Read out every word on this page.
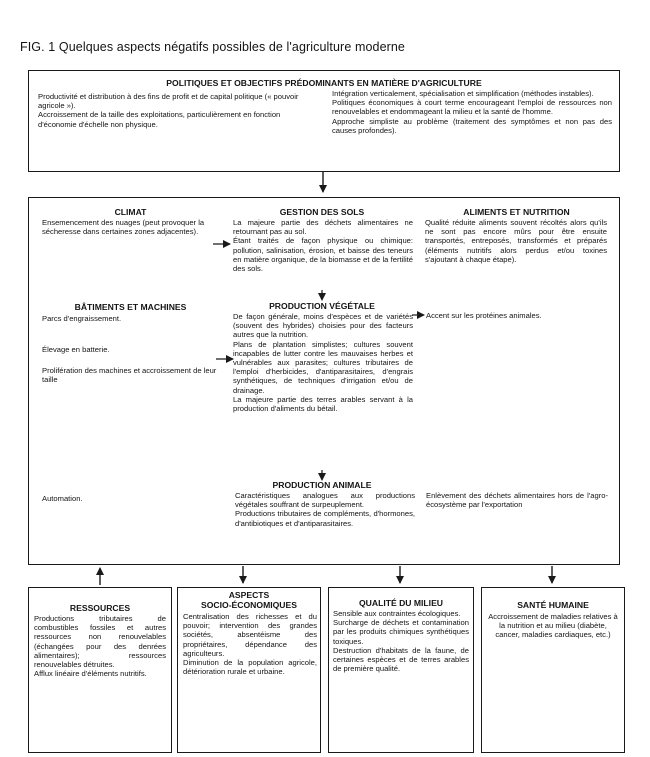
FIG. 1 Quelques aspects négatifs possibles de l'agriculture moderne
POLITIQUES ET OBJECTIFS PRÉDOMINANTS EN MATIÈRE D'AGRICULTURE

Productivité et distribution à des fins de profit et de capital politique (« pouvoir agricole »).

Accroissement de la taille des exploitations, particulièrement en fonction d'économie d'échelle non physique.

Intégration verticalement, spécialisation et simplification (méthodes instables).

Politiques économiques à court terme encourageant l'emploi de ressources non renouvelables et endommageant la milieu et la santé de l'homme.

Approche simpliste au problème (traitement des symptômes et non pas des causes profondes).

CLIMAT

Ensemencement des nuages (peut provoquer la sécheresse dans certaines zones adjacentes).

GESTION DES SOLS

La majeure partie des déchets alimentaires ne retournant pas au sol.

Étant traités de façon physique ou chimique: pollution, salinisation, érosion, et baisse des teneurs en matière organique, de la biomasse et de la fertilité des sols.

ALIMENTS ET NUTRITION

Qualité réduite aliments souvent récoltés alors qu'ils ne sont pas encore mûrs pour être ensuite transportés, entreposés, transformés et préparés (éléments nutritifs alors perdus et/ou toxines s'ajoutant à chaque étape).

BÂTIMENTS ET MACHINES

Parcs d'engraissement.

Élevage en batterie.

Prolifération des machines et accroissement de leur taille

PRODUCTION VÉGÉTALE

De façon générale, moins d'espèces et de variétés (souvent des hybrides) choisies pour des facteurs autres que la nutrition.

Plans de plantation simplistes; cultures souvent incapables de lutter contre les mauvaises herbes et vulnérables aux parasites; cultures tributaires de l'emploi d'herbicides, d'antiparasitaires, d'engrais synthétiques, de techniques d'irrigation et/ou de drainage.

La majeure partie des terres arables servant à la production d'aliments du bétail.

Accent sur les protéines animales.

Automation.

PRODUCTION ANIMALE

Caractéristiques analogues aux productions végétales souffrant de surpeuplement.

Productions tributaires de compléments, d'hormones, d'antibiotiques et d'antiparasitaires.

Enlèvement des déchets alimentaires hors de l'agro-écosystème par l'exportation

RESSOURCES

Productions tributaires de combustibles fossiles et autres ressources non renouvelables (échangées pour des denrées alimentaires); ressources renouvelables détruites.

Afflux linéaire d'éléments nutritifs.

ASPECTS
SOCIO-ÉCONOMIQUES

Centralisation des richesses et du pouvoir; intervention des grandes sociétés, absentéisme des propriétaires, dépendance des agriculteurs.

Diminution de la population agricole, détérioration rurale et urbaine.

QUALITÉ DU MILIEU

Sensible aux contraintes écologiques.

Surcharge de déchets et contamination par les produits chimiques synthétiques toxiques.

Destruction d'habitats de la faune, de certaines espèces et de terres arables de première qualité.

SANTÉ HUMAINE

Accroissement de maladies relatives à la nutrition et au milieu (diabète, cancer, maladies cardiaques, etc.)
